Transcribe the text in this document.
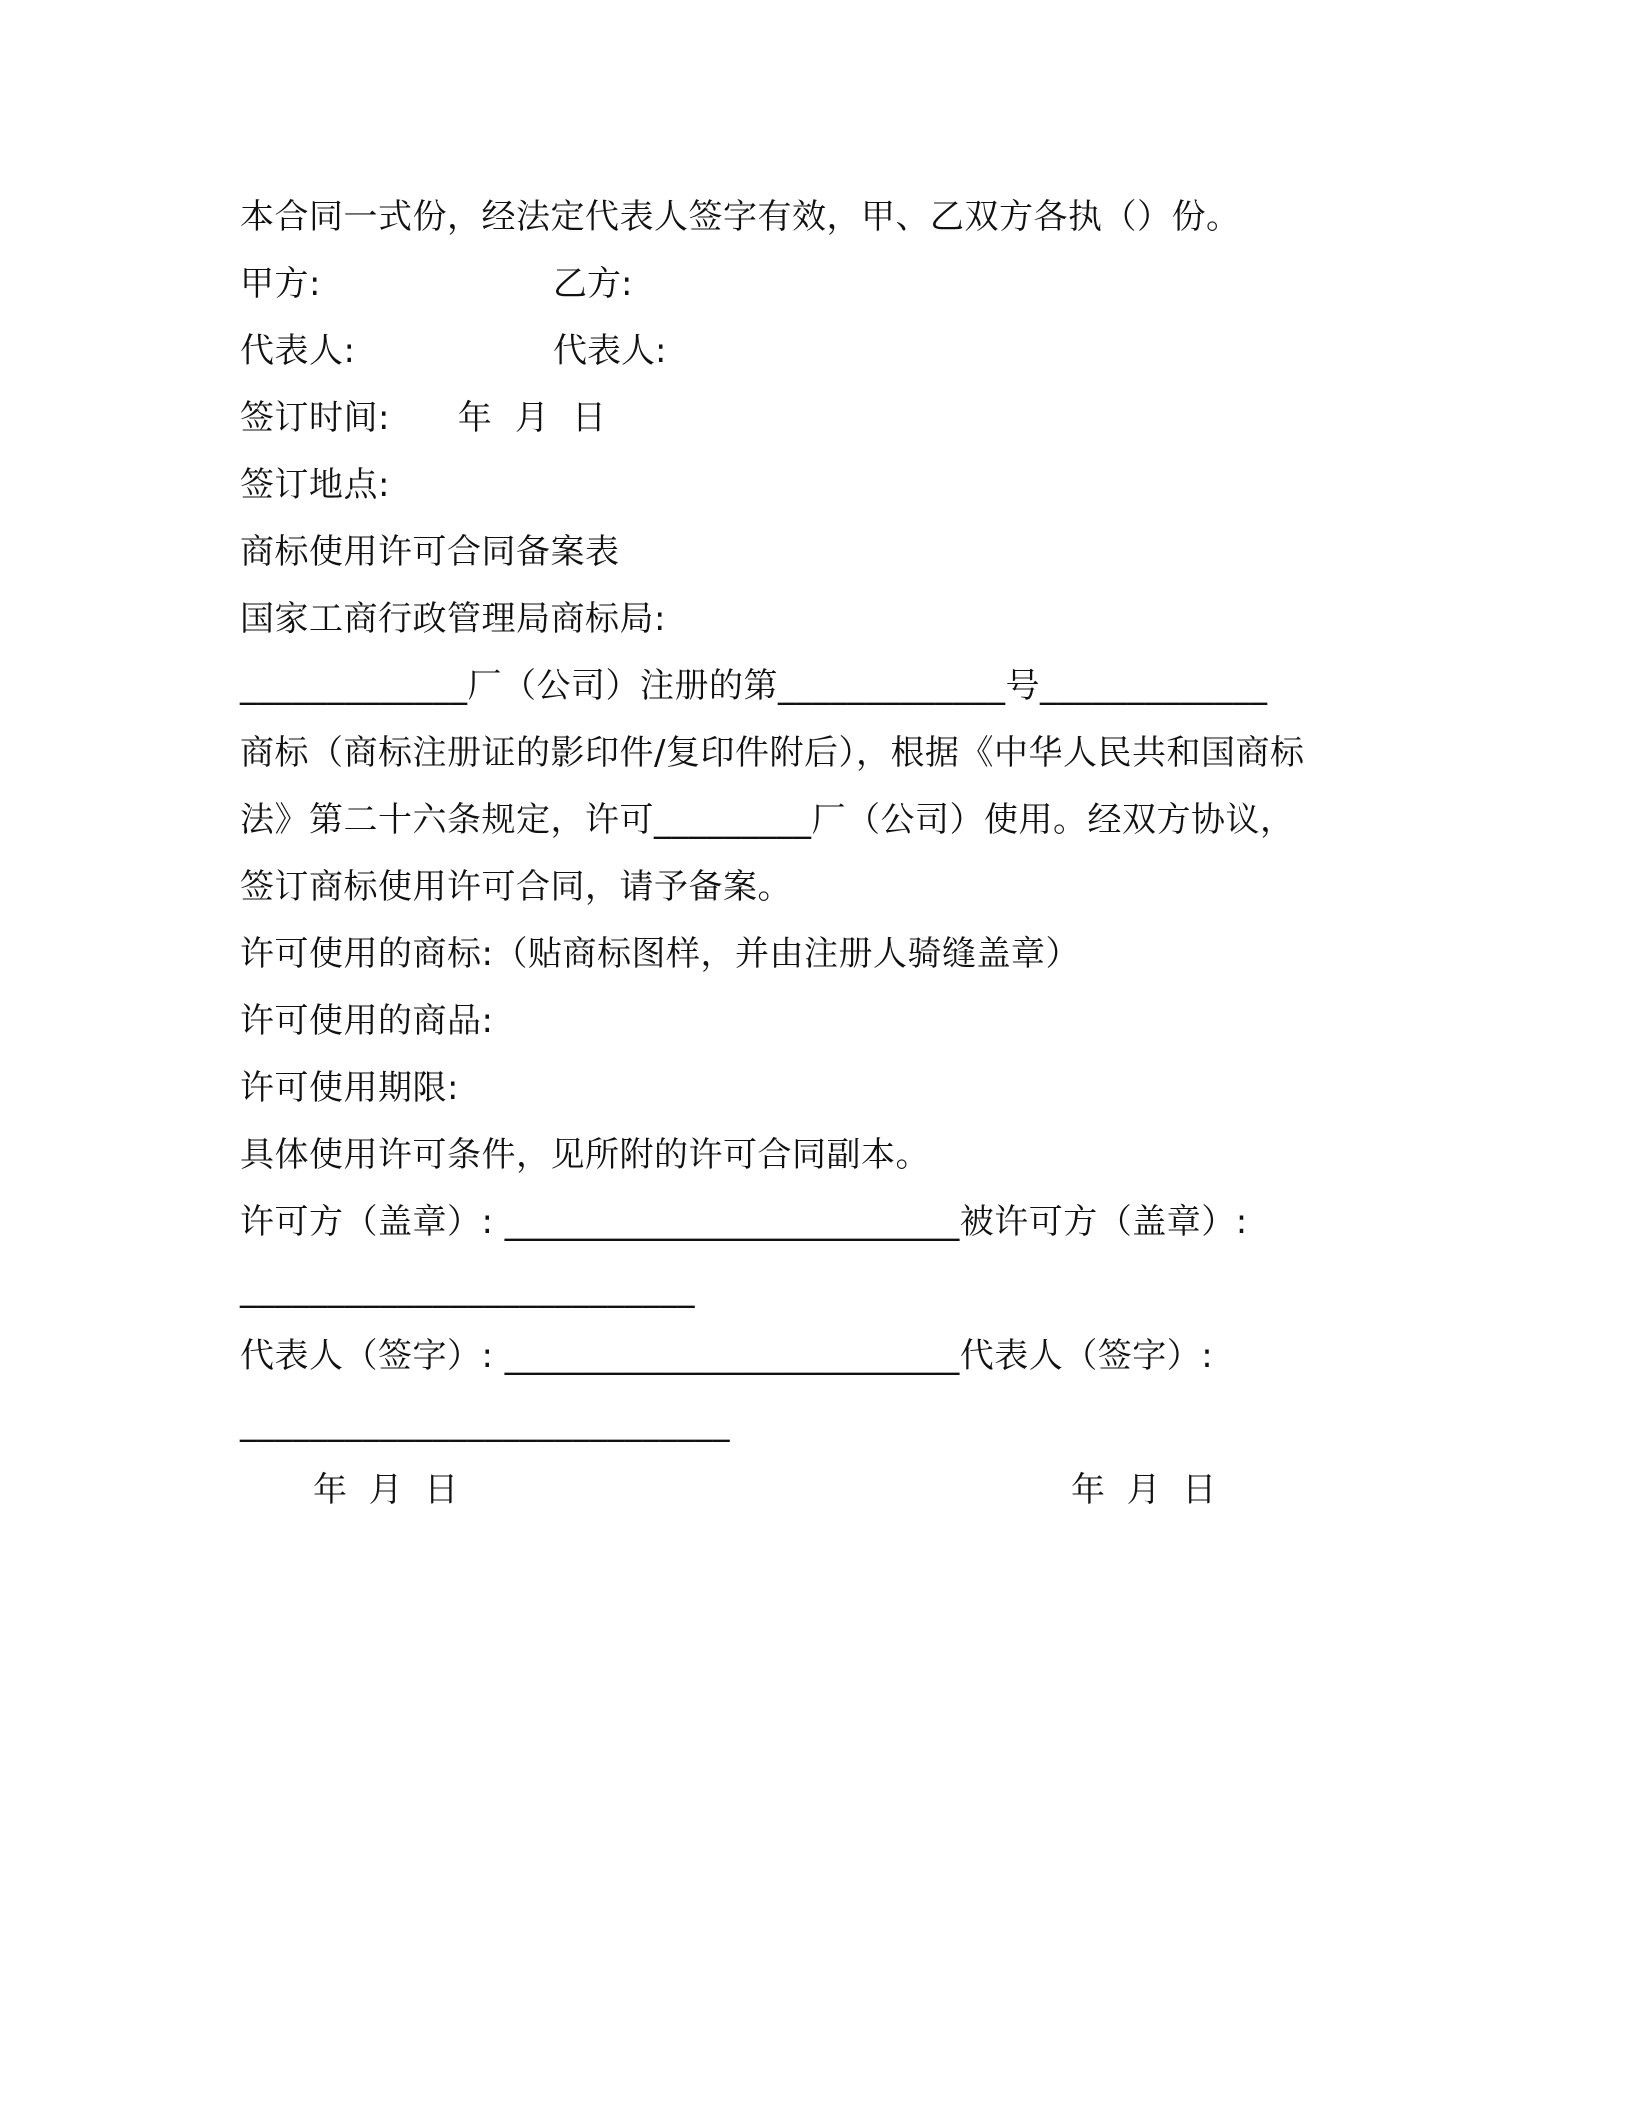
本合同一式份，经法定代表人签字有效，甲、乙双方各执（）份。
甲方:	乙方:
代表人:	代表人:
签订时间:      年  月  日
签订地点:
商标使用许可合同备案表
国家工商行政管理局商标局:
_____________厂（公司）注册的第_____________号_____________
商标（商标注册证的影印件/复印件附后），根据《中华人民共和国商标
法》第二十六条规定，许可_________厂（公司）使用。经双方协议，
签订商标使用许可合同，请予备案。
许可使用的商标:（贴商标图样，并由注册人骑缝盖章）
许可使用的商品:
许可使用期限:
具体使用许可条件，见所附的许可合同副本。
许可方（盖章）: __________________________被许可方（盖章）:
__________________________
代表人（签字）: __________________________代表人（签字）:
____________________________
年  月  日	年  月  日
